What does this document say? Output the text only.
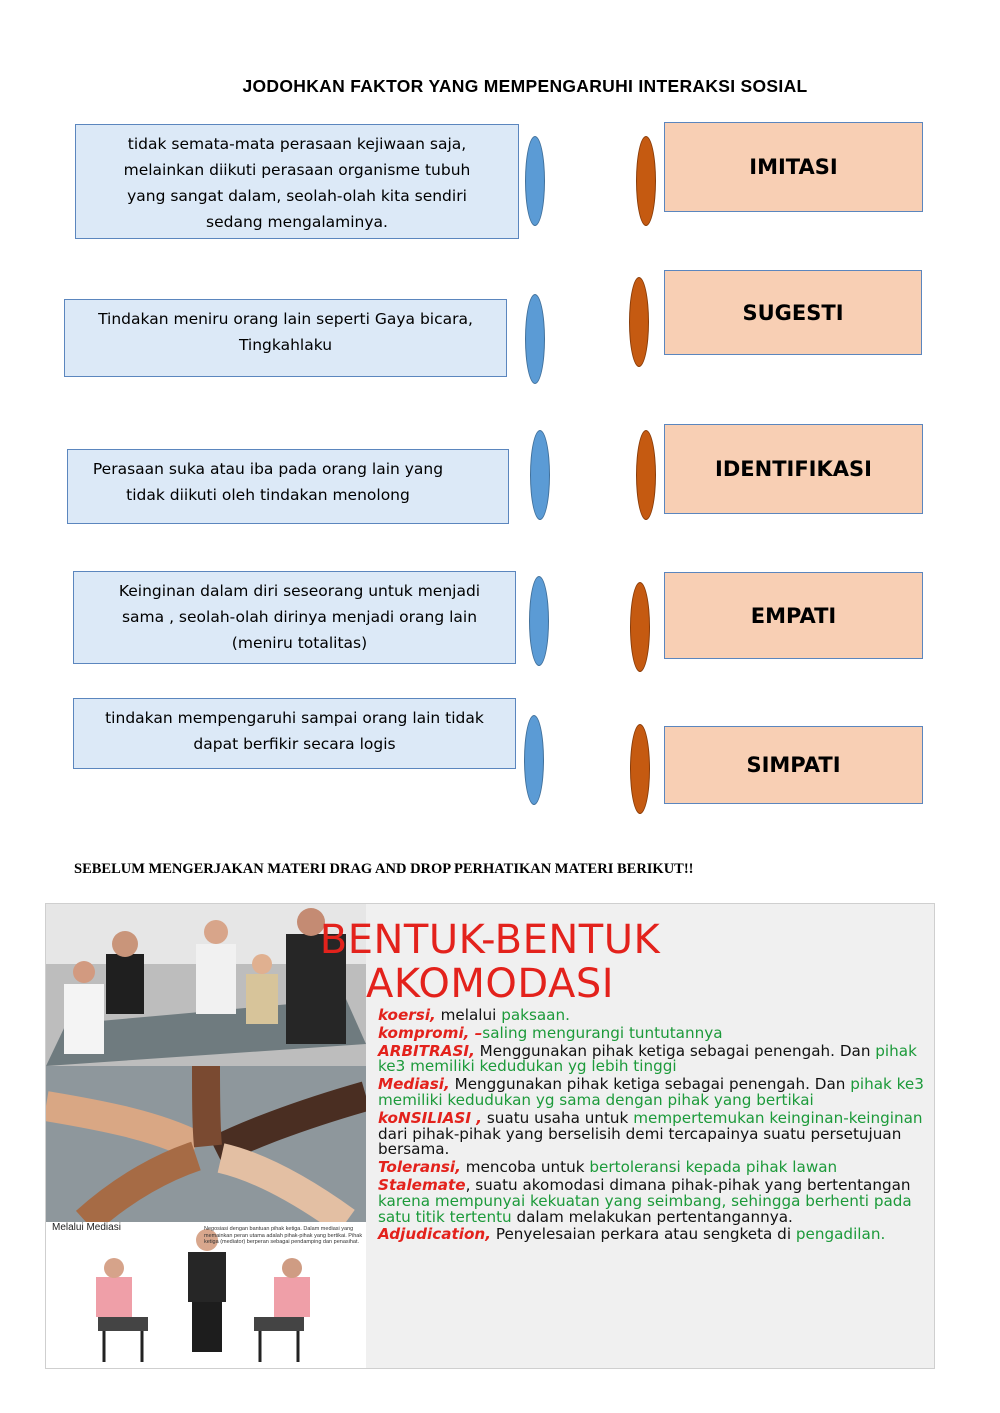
JODOHKAN FAKTOR YANG MEMPENGARUHI INTERAKSI SOSIAL
tidak semata-mata perasaan kejiwaan saja, melainkan diikuti perasaan organisme tubuh yang sangat dalam, seolah-olah kita sendiri sedang mengalaminya.
Tindakan meniru orang lain seperti Gaya bicara, Tingkahlaku
Perasaan suka atau iba pada orang lain yang tidak diikuti oleh tindakan menolong
Keinginan dalam diri seseorang untuk menjadi sama , seolah-olah dirinya menjadi orang lain (meniru totalitas)
tindakan mempengaruhi sampai orang lain tidak dapat berfikir secara logis
IMITASI
SUGESTI
IDENTIFIKASI
EMPATI
SIMPATI
SEBELUM MENGERJAKAN MATERI DRAG AND DROP PERHATIKAN MATERI BERIKUT!!
Melalui Mediasi	Negosiasi dengan bantuan pihak ketiga. Dalam mediasi yang memainkan peran utama adalah pihak-pihak yang bertikai. Pihak ketiga (mediator) berperan sebagai pendamping dan penasihat.
BENTUK-BENTUK
AKOMODASI

koersi, melalui paksaan.

kompromi, –saling mengurangi tuntutannya

ARBITRASI, Menggunakan pihak ketiga sebagai penengah. Dan pihak ke3 memiliki kedudukan yg lebih tinggi

Mediasi, Menggunakan pihak ketiga sebagai penengah. Dan pihak ke3 memiliki kedudukan yg sama dengan pihak yang bertikai

koNSILIASI , suatu usaha untuk mempertemukan keinginan-keinginan dari pihak-pihak yang berselisih demi tercapainya suatu persetujuan bersama.

Toleransi, mencoba untuk bertoleransi kepada pihak lawan

Stalemate, suatu akomodasi dimana pihak-pihak yang bertentangan karena mempunyai kekuatan yang seimbang, sehingga berhenti pada satu titik tertentu dalam melakukan pertentangannya.

Adjudication, Penyelesaian perkara atau sengketa di pengadilan.
